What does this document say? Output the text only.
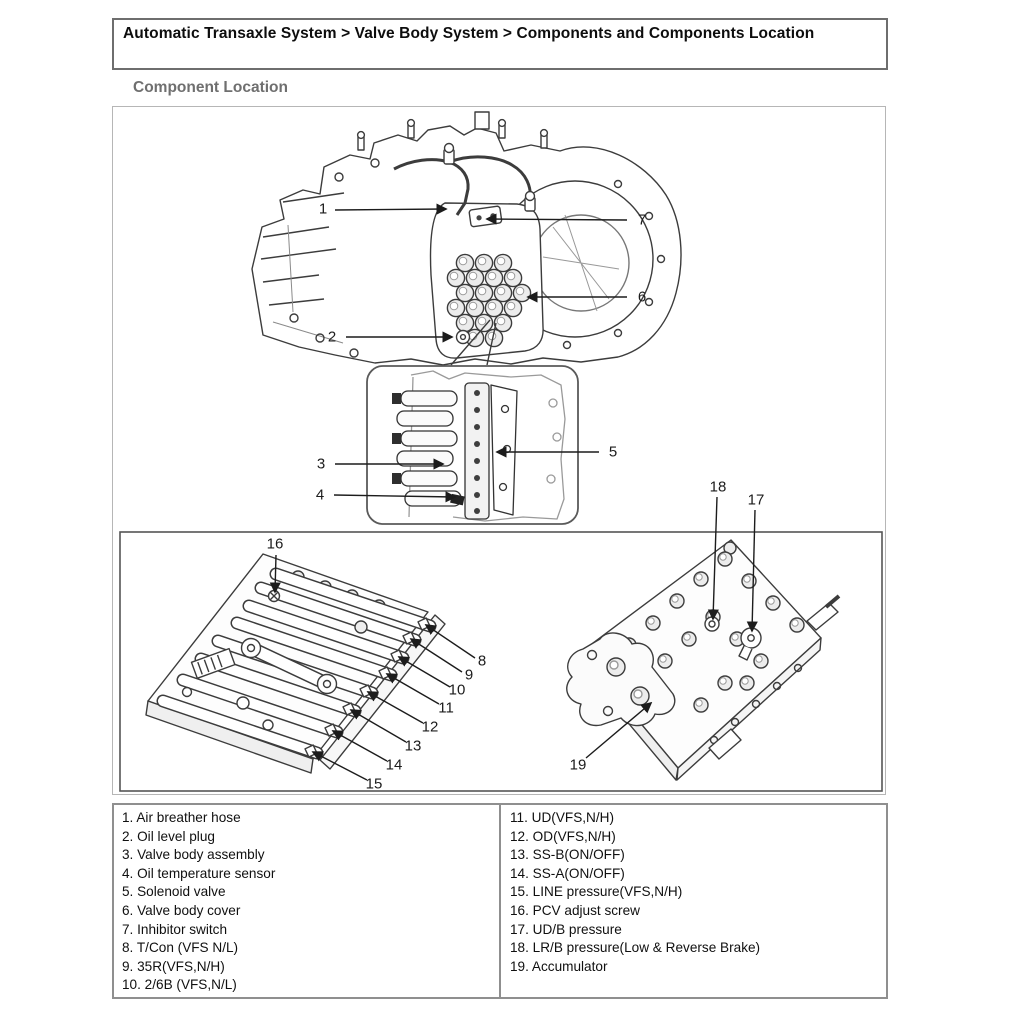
Automatic Transaxle System > Valve Body System > Components and Components Location
Component Location
1
2
3
4
5
6
7
8
9
10
11
12
13
14
15
16
17
18
19
1. Air breather hose
2. Oil level plug
3. Valve body assembly
4. Oil temperature sensor
5. Solenoid valve
6. Valve body cover
7. Inhibitor switch
8. T/Con (VFS N/L)
9. 35R(VFS,N/H)
10. 2/6B (VFS,N/L)
11. UD(VFS,N/H)
12. OD(VFS,N/H)
13. SS-B(ON/OFF)
14. SS-A(ON/OFF)
15. LINE pressure(VFS,N/H)
16. PCV adjust screw
17. UD/B pressure
18. LR/B pressure(Low & Reverse Brake)
19. Accumulator
